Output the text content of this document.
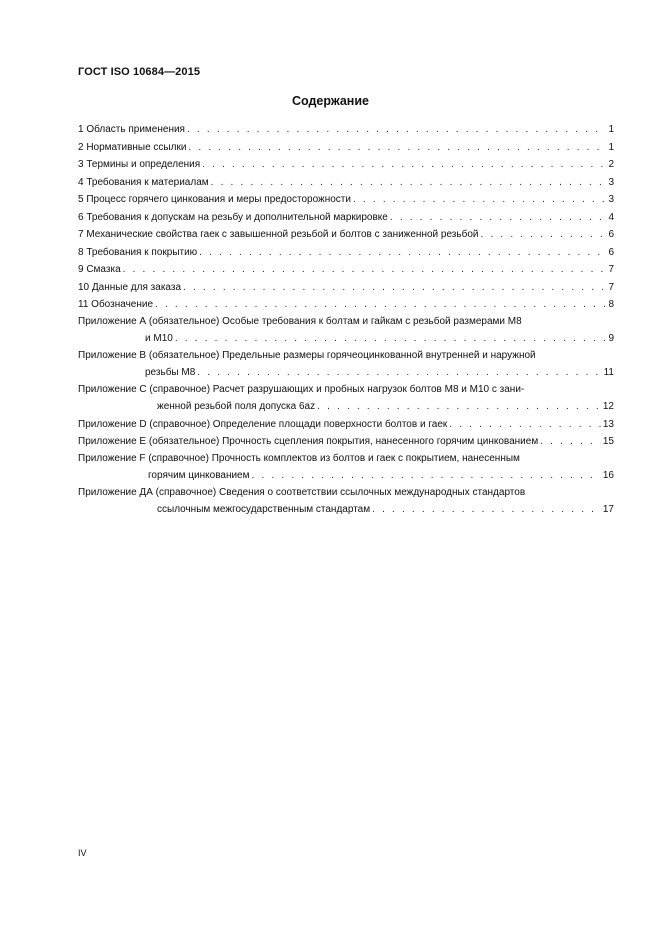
ГОСТ ISO 10684—2015
Содержание
1 Область применения . . .	1
2 Нормативные ссылки . . .	1
3 Термины и определения . . .	2
4 Требования к материалам . . .	3
5 Процесс горячего цинкования и меры предосторожности . . .	3
6 Требования к допускам на резьбу и дополнительной маркировке . . .	4
7 Механические свойства гаек с завышенной резьбой и болтов с заниженной резьбой . . .	6
8 Требования к покрытию . . .	6
9 Смазка . . .	7
10 Данные для заказа . . .	7
11 Обозначение . . .	8
Приложение А (обязательное) Особые требования к болтам и гайкам с резьбой размерами М8
и М10 . . .	9
Приложение В (обязательное) Предельные размеры горячеоцинкованной внутренней и наружной
резьбы М8 . . .	11
Приложение С (справочное) Расчет разрушающих и пробных нагрузок болтов М8 и М10 с зани-
женной резьбой поля допуска 6az . . .	12
Приложение D (справочное) Определение площади поверхности болтов и гаек . . .	13
Приложение Е (обязательное) Прочность сцепления покрытия, нанесенного горячим цинкованием . . .	15
Приложение F (справочное) Прочность комплектов из болтов и гаек с покрытием, нанесенным
горячим цинкованием . . .	16
Приложение ДА (справочное) Сведения о соответствии ссылочных международных стандартов
ссылочным межгосударственным стандартам . . .	17
IV
